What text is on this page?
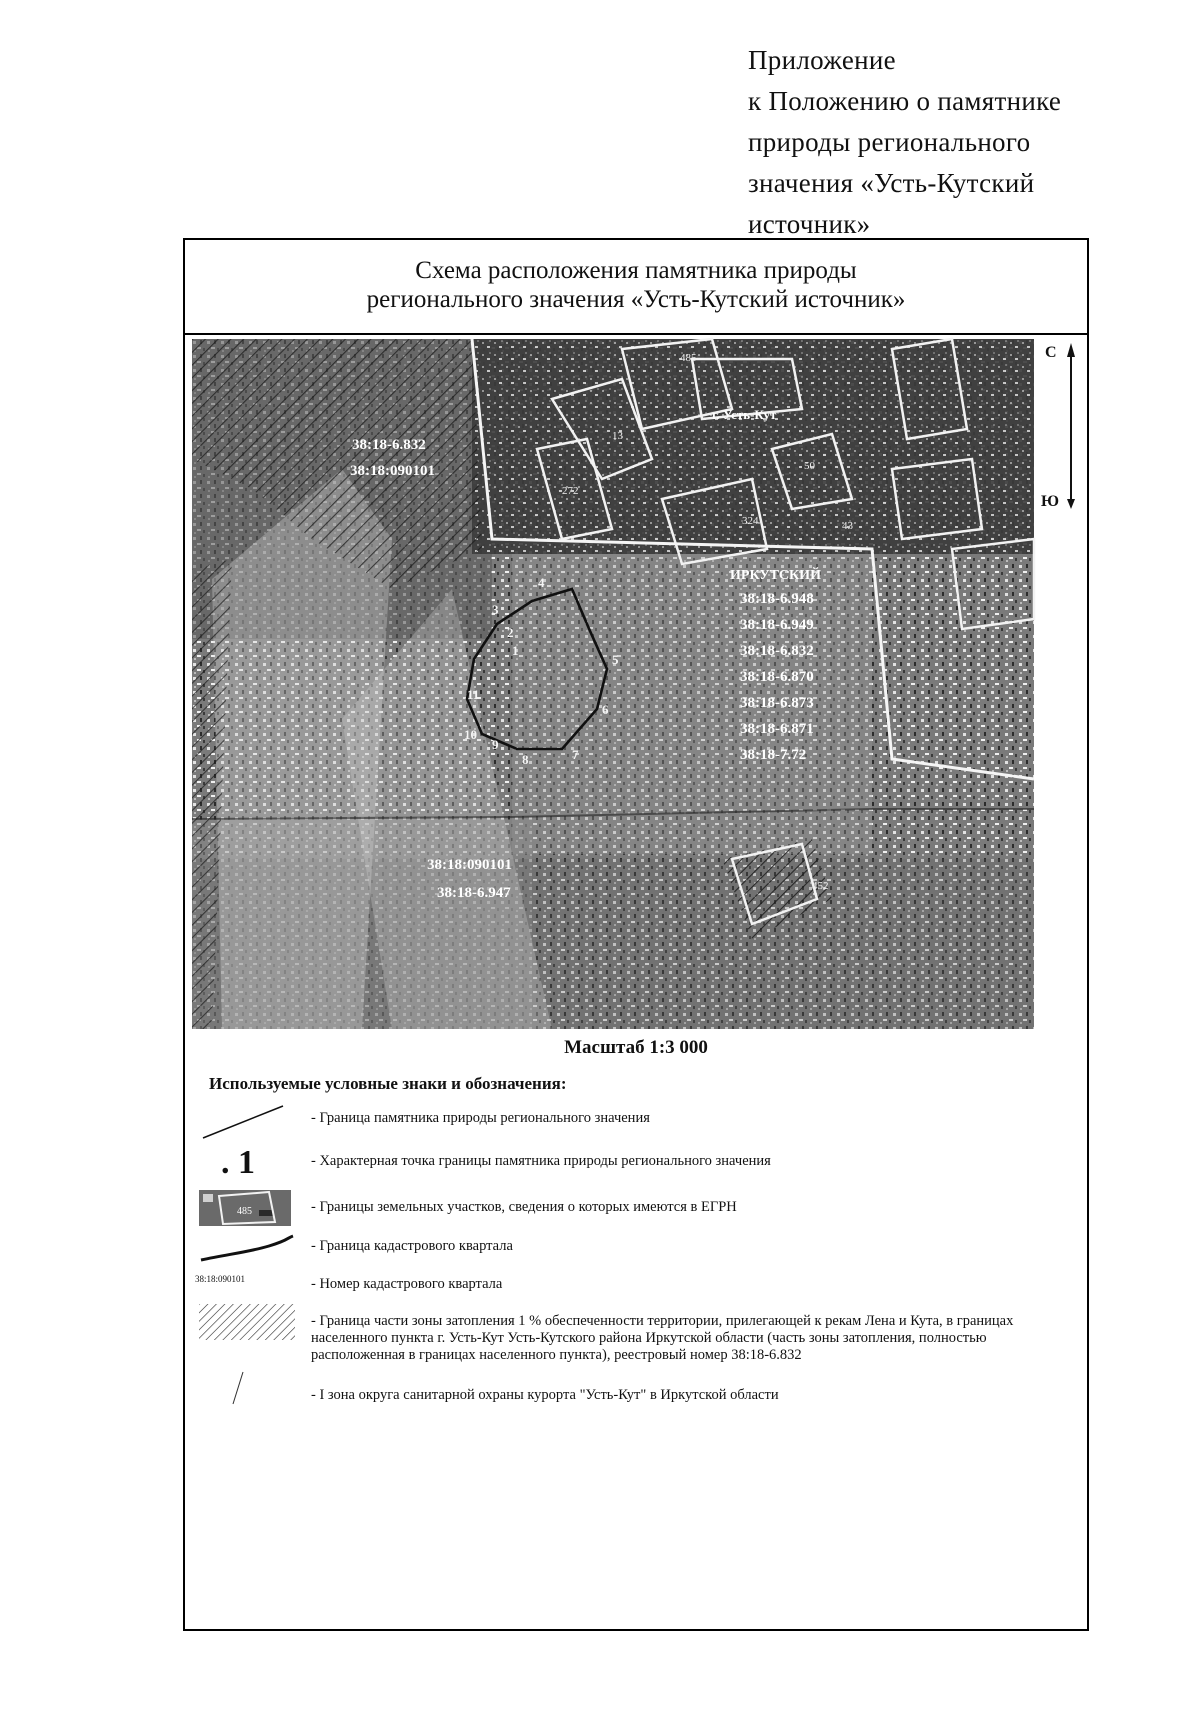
Приложение
к Положению о памятнике
природы регионального
значения «Усть-Кутский
источник»
Схема расположения памятника природы
регионального значения «Усть-Кутский источник»
4
5
1
2
3
6
7
8
9
10
11
38:18-6.832
38:18:090101
г. Усть-Кут
ИРКУТСКИЙ
38:18-6.948
38:18-6.949
38:18-6.832
38:18-6.870
38:18-6.873
38:18-6.871
38:18-7.72
38:18:090101
38:18-6.947
485
272
324
50
13
43
452
С
Ю
Масштаб 1:3 000
Используемые условные знаки и обозначения:
. 1
485
38:18:090101
- Граница памятника природы регионального значения
- Характерная точка границы памятника природы регионального значения
- Границы земельных участков, сведения о которых имеются в ЕГРН
- Граница кадастрового квартала
- Номер кадастрового квартала
- Граница части зоны затопления 1 % обеспеченности территории, прилегающей к рекам Лена и Кута, в границах населенного пункта г. Усть-Кут Усть-Кутского района Иркутской области (часть зоны затопления, полностью расположенная в границах населенного пункта), реестровый номер 38:18-6.832
- I зона округа санитарной охраны курорта "Усть-Кут" в Иркутской области
